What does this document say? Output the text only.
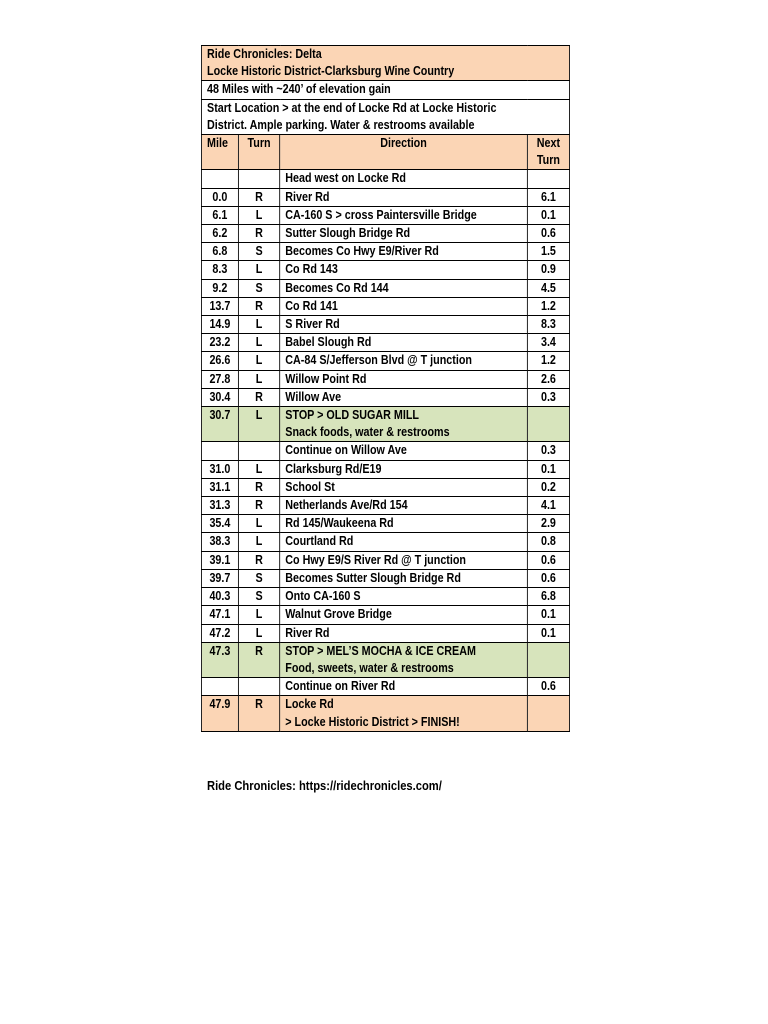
Ride Chronicles: Delta
Locke Historic District-Clarksburg Wine Country			

48 Miles with ~240’ of elevation gain			

Start Location > at the end of Locke Rd at Locke Historic
District. Ample parking. Water & restrooms available			

Mile	Turn	Direction	Next
Turn

		Head west on Locke Rd	
0.0	R	River Rd	6.1
6.1	L	CA-160 S > cross Paintersville Bridge	0.1
6.2	R	Sutter Slough Bridge Rd	0.6
6.8	S	Becomes Co Hwy E9/River Rd	1.5
8.3	L	Co Rd 143	0.9
9.2	S	Becomes Co Rd 144	4.5
13.7	R	Co Rd 141	1.2
14.9	L	S River Rd	8.3
23.2	L	Babel Slough Rd	3.4
26.6	L	CA-84 S/Jefferson Blvd @ T junction	1.2
27.8	L	Willow Point Rd	2.6
30.4	R	Willow Ave	0.3
30.7	L	STOP > OLD SUGAR MILL
Snack foods, water & restrooms	

		Continue on Willow Ave	0.3
31.0	L	Clarksburg Rd/E19	0.1
31.1	R	School St	0.2
31.3	R	Netherlands Ave/Rd 154	4.1
35.4	L	Rd 145/Waukeena Rd	2.9
38.3	L	Courtland Rd	0.8
39.1	R	Co Hwy E9/S River Rd @ T junction	0.6
39.7	S	Becomes Sutter Slough Bridge Rd	0.6
40.3	S	Onto CA-160 S	6.8
47.1	L	Walnut Grove Bridge	0.1
47.2	L	River Rd	0.1
47.3	R	STOP > MEL’S MOCHA & ICE CREAM
Food, sweets, water & restrooms	

		Continue on River Rd	0.6
47.9	R	Locke Rd
> Locke Historic District > FINISH!	

Ride Chronicles: https://ridechronicles.com/
